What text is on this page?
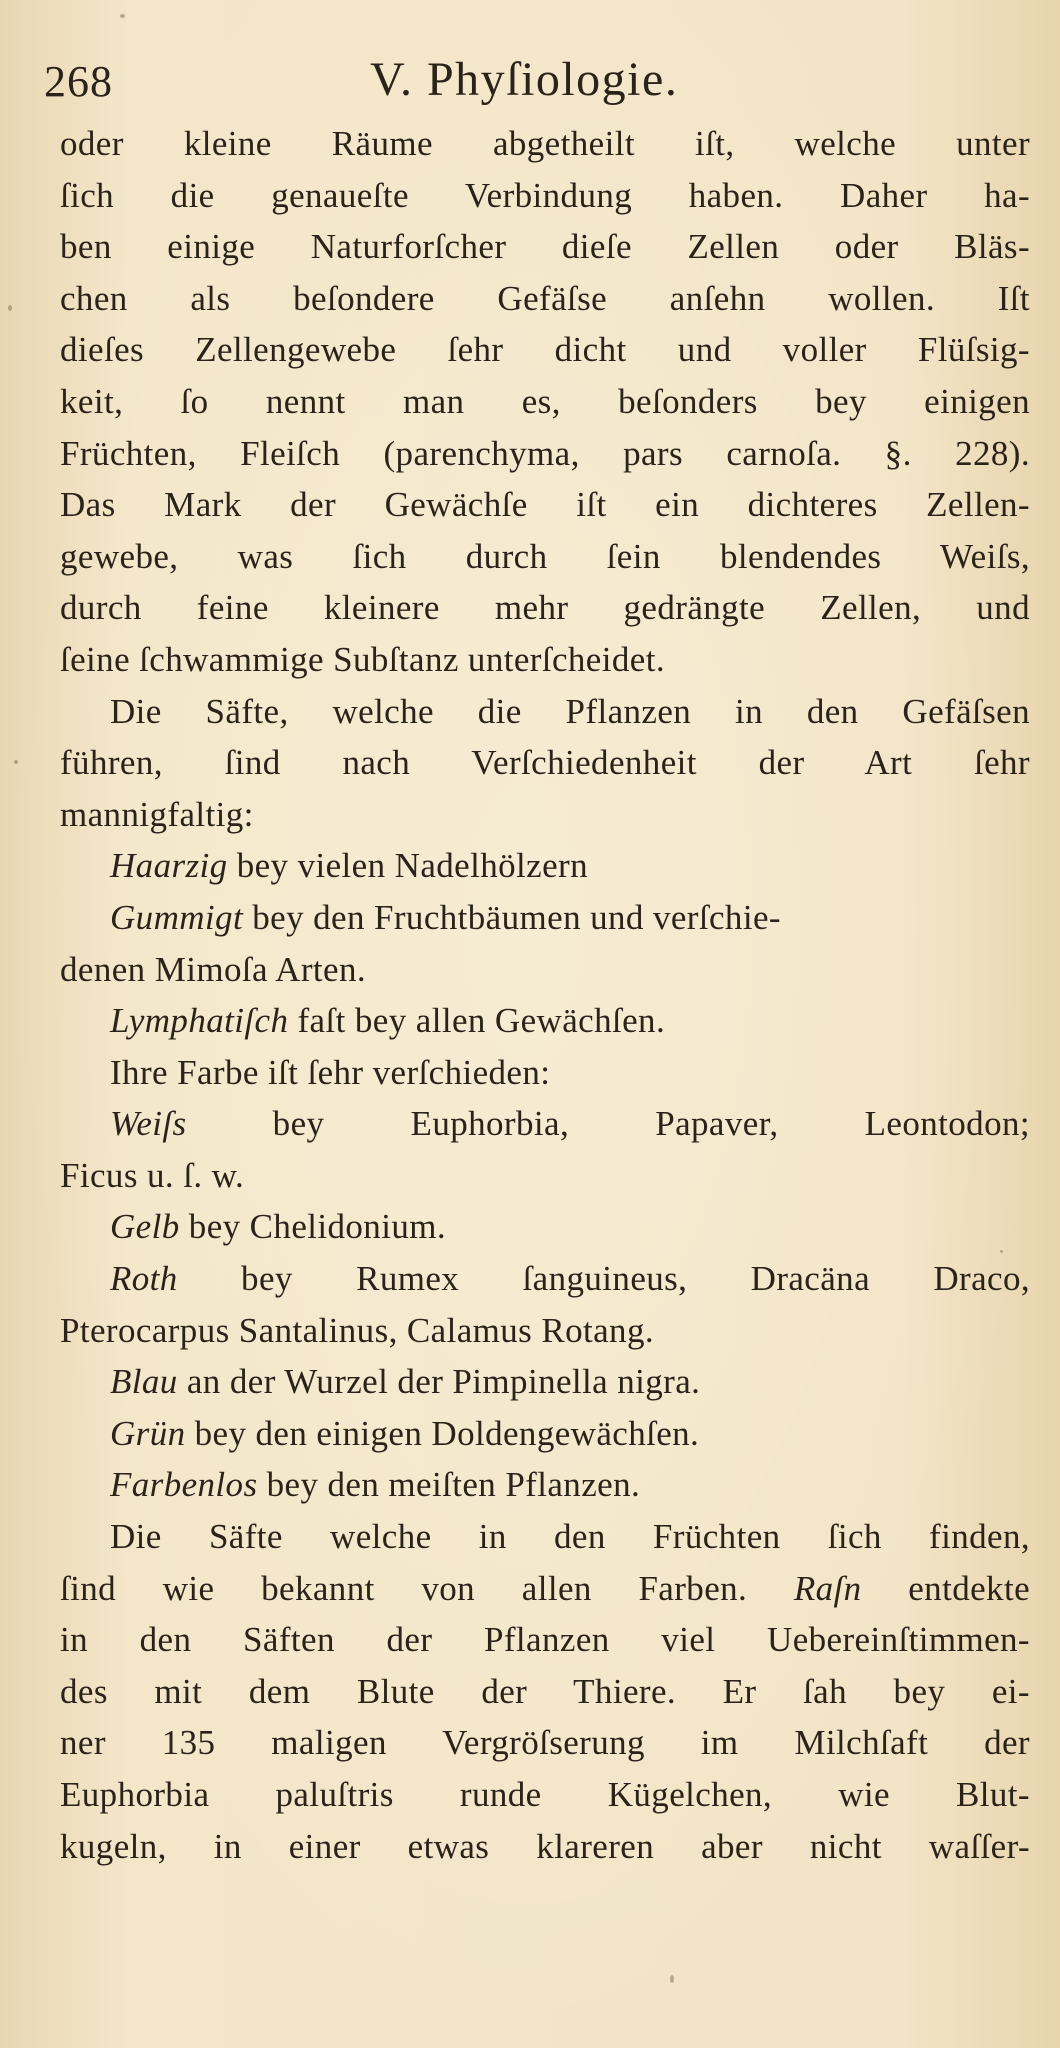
268	V. Phyſiologie.
oder kleine Räume abgetheilt iſt, welche unter
ſich die genaueſte Verbindung haben. Daher ha-
ben einige Naturforſcher dieſe Zellen oder Bläs-
chen als beſondere Gefäſse anſehn wollen. Iſt
dieſes Zellengewebe ſehr dicht und voller Flüſsig-
keit, ſo nennt man es, beſonders bey einigen
Früchten, Fleiſch (parenchyma, pars carnoſa. §. 228).
Das Mark der Gewächſe iſt ein dichteres Zellen-
gewebe, was ſich durch ſein blendendes Weiſs,
durch feine kleinere mehr gedrängte Zellen, und
ſeine ſchwammige Subſtanz unterſcheidet.
Die Säfte, welche die Pflanzen in den Gefäſsen
führen, ſind nach Verſchiedenheit der Art ſehr
mannigfaltig:
Haarzig bey vielen Nadelhölzern
Gummigt bey den Fruchtbäumen und verſchie-
denen Mimoſa Arten.
Lymphatiſch faſt bey allen Gewächſen.
Ihre Farbe iſt ſehr verſchieden:
Weiſs bey Euphorbia, Papaver, Leontodon;
Ficus u. ſ. w.
Gelb bey Chelidonium.
Roth bey Rumex ſanguineus, Dracäna Draco,
Pterocarpus Santalinus, Calamus Rotang.
Blau an der Wurzel der Pimpinella nigra.
Grün bey den einigen Doldengewächſen.
Farbenlos bey den meiſten Pflanzen.
Die Säfte welche in den Früchten ſich finden,
ſind wie bekannt von allen Farben. Raſn entdekte
in den Säften der Pflanzen viel Uebereinſtimmen-
des mit dem Blute der Thiere. Er ſah bey ei-
ner 135 maligen Vergröſserung im Milchſaft der
Euphorbia paluſtris runde Kügelchen, wie Blut-
kugeln, in einer etwas klareren aber nicht waſſer-
